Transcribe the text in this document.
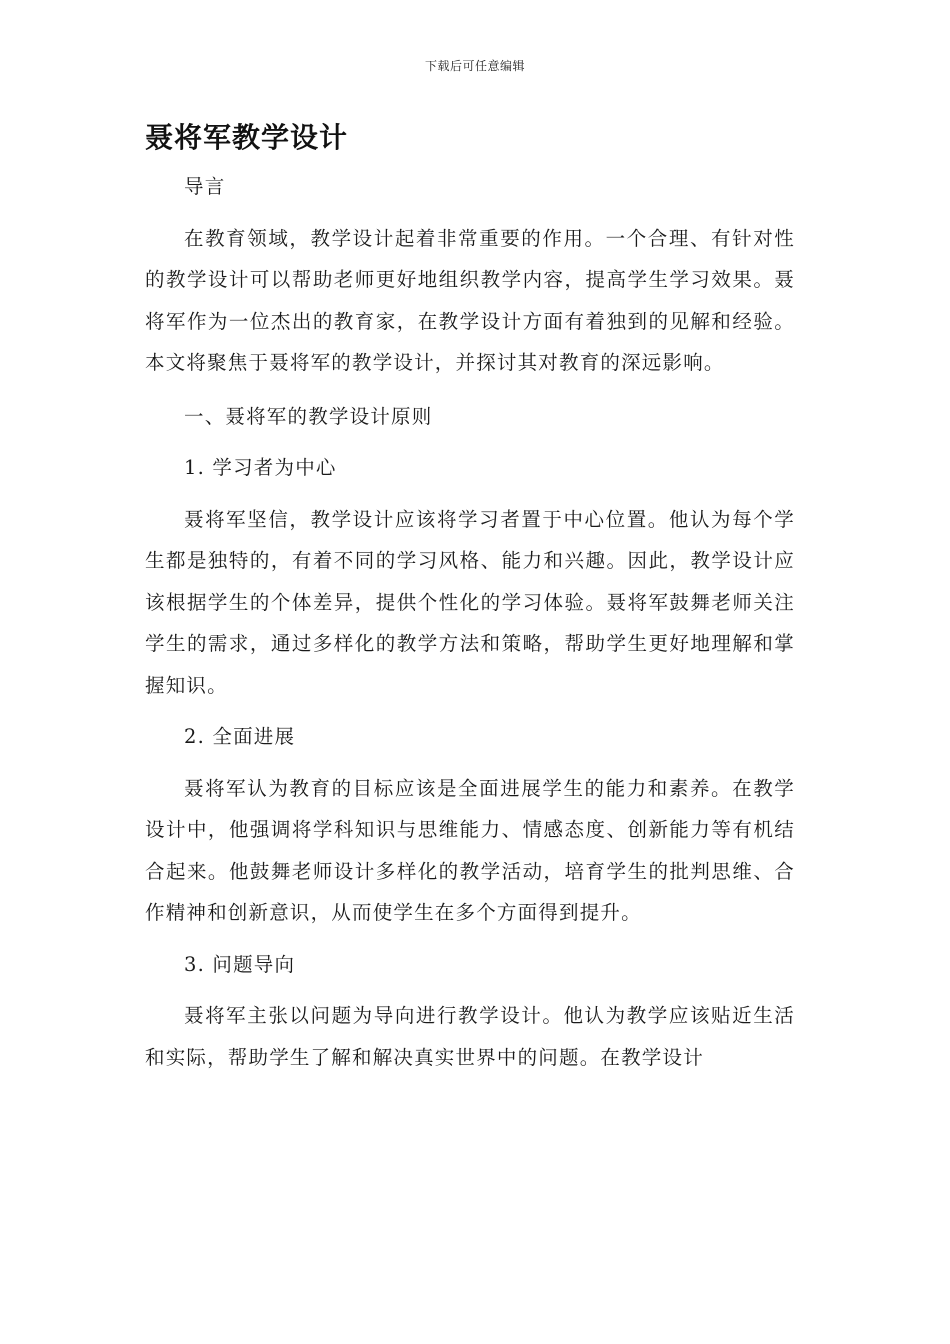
下载后可任意编辑
聂将军教学设计

导言

在教育领域，教学设计起着非常重要的作用。一个合理、有针对性的教学设计可以帮助老师更好地组织教学内容，提高学生学习效果。聂将军作为一位杰出的教育家，在教学设计方面有着独到的见解和经验。本文将聚焦于聂将军的教学设计，并探讨其对教育的深远影响。

一、聂将军的教学设计原则

1. 学习者为中心

聂将军坚信，教学设计应该将学习者置于中心位置。他认为每个学生都是独特的，有着不同的学习风格、能力和兴趣。因此，教学设计应该根据学生的个体差异，提供个性化的学习体验。聂将军鼓舞老师关注学生的需求，通过多样化的教学方法和策略，帮助学生更好地理解和掌握知识。

2. 全面进展

聂将军认为教育的目标应该是全面进展学生的能力和素养。在教学设计中，他强调将学科知识与思维能力、情感态度、创新能力等有机结合起来。他鼓舞老师设计多样化的教学活动，培育学生的批判思维、合作精神和创新意识，从而使学生在多个方面得到提升。

3. 问题导向

聂将军主张以问题为导向进行教学设计。他认为教学应该贴近生活和实际，帮助学生了解和解决真实世界中的问题。在教学设计
